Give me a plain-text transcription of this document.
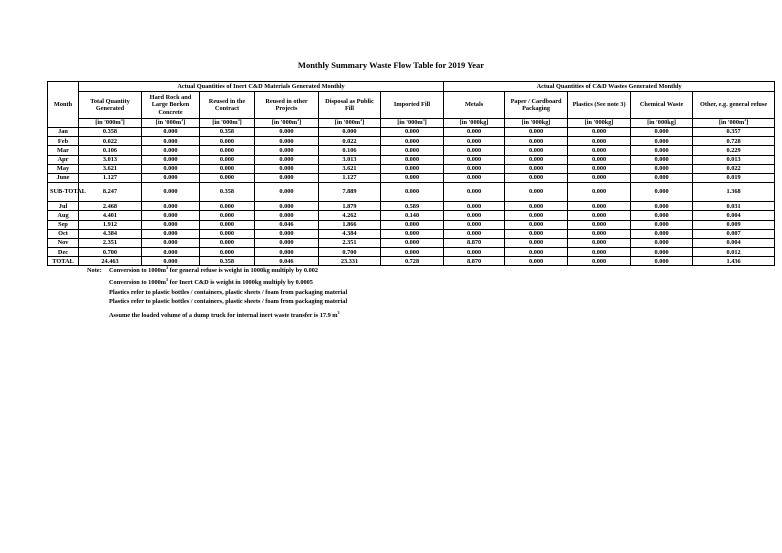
Monthly Summary Waste Flow Table for 2019 Year
Month	Actual Quantities of Inert C&D Materials Generated Monthly						Actual Quantities of C&D Wastes Generated Monthly				
	Total Quantity Generated	Hard Rock and Large Borken Concrete	Reused in the Contract	Reused in other Projects	Disposal as Public Fill	Imported Fill	Metals	Paper / Cardboard Packaging	Plastics (See note 3)	Chemical Waste	Other, e.g. general refuse
	[in '$000m^3$]	[in '$000m^3$]	[in '$000m^3$]	[in '$000m^3$]	[in '$000m^3$]	[in '$000m^3$]	[in '000kg]	[in '000kg]	[in '000kg]	[in '000kg]	[in '$000m^3$]
Jan	0.358	0.000	0.358	0.000	0.000	0.000	0.000	0.000	0.000	0.000	0.357
Feb	0.022	0.000	0.000	0.000	0.022	0.000	0.000	0.000	0.000	0.000	0.728
Mar	0.106	0.000	0.000	0.000	0.106	0.000	0.000	0.000	0.000	0.000	0.229
Apr	3.013	0.000	0.000	0.000	3.013	0.000	0.000	0.000	0.000	0.000	0.013
May	3.621	0.000	0.000	0.000	3.621	0.000	0.000	0.000	0.000	0.000	0.022
June	1.127	0.000	0.000	0.000	1.127	0.000	0.000	0.000	0.000	0.000	0.019
SUB-TOTAL	8.247	0.000	0.358	0.000	7.889	0.000	0.000	0.000	0.000	0.000	1.368
Jul	2.468	0.000	0.000	0.000	1.879	0.589	0.000	0.000	0.000	0.000	0.031
Aug	4.401	0.000	0.000	0.000	4.262	0.140	0.000	0.000	0.000	0.000	0.004
Sep	1.912	0.000	0.000	0.046	1.866	0.000	0.000	0.000	0.000	0.000	0.009
Oct	4.384	0.000	0.000	0.000	4.384	0.000	0.000	0.000	0.000	0.000	0.007
Nov	2.351	0.000	0.000	0.000	2.351	0.000	8.870	0.000	0.000	0.000	0.004
Dec	0.700	0.000	0.000	0.000	0.700	0.000	0.000	0.000	0.000	0.000	0.012
TOTAL	24.463	0.000	0.358	0.046	23.331	0.728	8.870	0.000	0.000	0.000	1.436
Note: Conversion to $1000m^3$ for general refuse is weight in 1000kg multiply by 0.002
Conversion to $1000m^3$ for Inert C&D is weight in 1000kg multiply by 0.0005
Plastics refer to plastic bottles / containers, plastic sheets / foam from packaging material
Plastics refer to plastic bottles / containers, plastic sheets / foam from packaging material
Assume the loaded volume of a dump truck for internal inert waste transfer is 17.9 $m^3$
